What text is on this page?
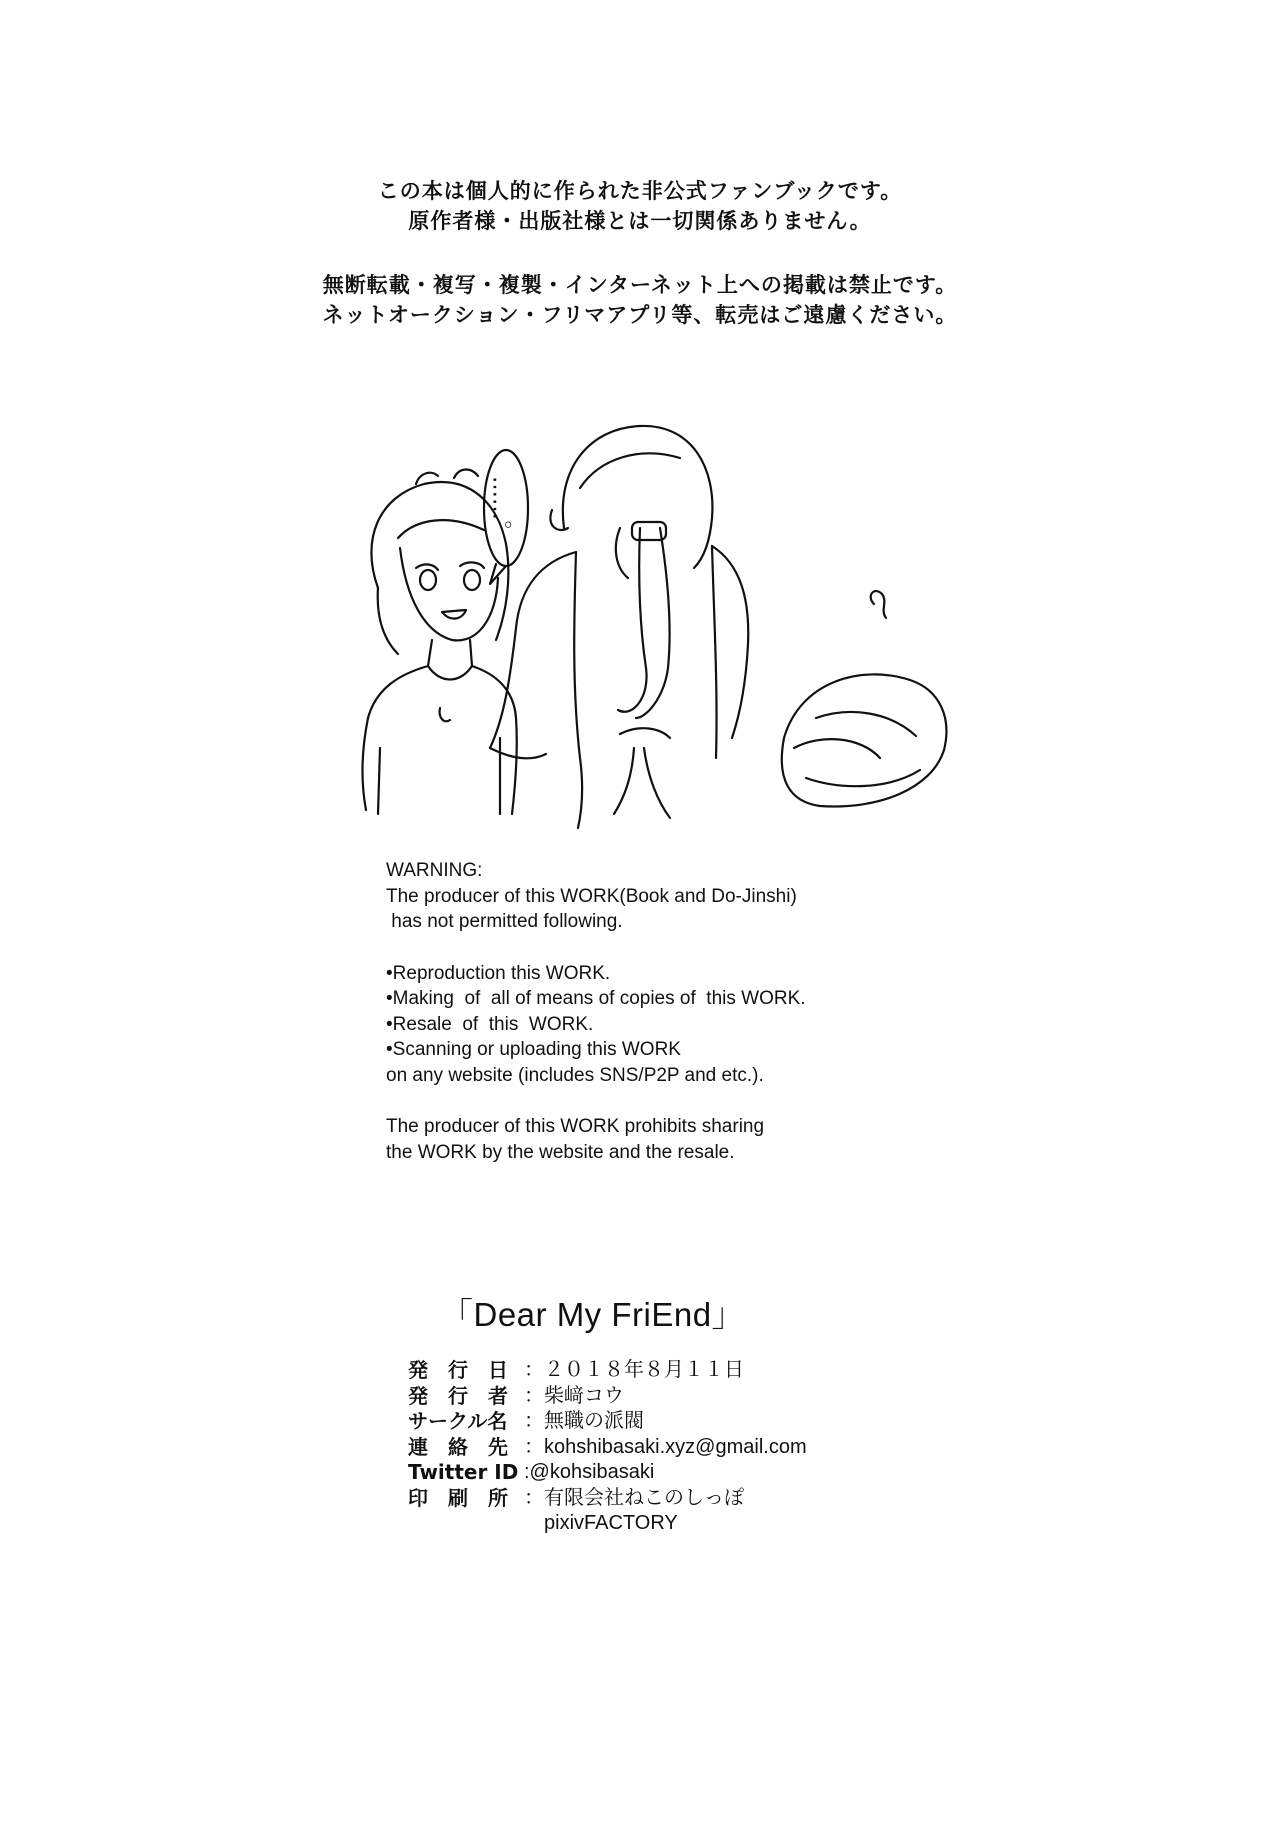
この本は個人的に作られた非公式ファンブックです。
原作者様・出版社様とは一切関係ありません。
無断転載・複写・複製・インターネット上への掲載は禁止です。
ネットオークション・フリマアプリ等、転売はご遠慮ください。
……。
WARNING:
The producer of this WORK(Book and Do-Jinshi)
has not permitted following.
•Reproduction this WORK.
•Making  of  all of means of copies of  this WORK.
•Resale  of  this  WORK.
•Scanning or uploading this WORK
on any website (includes SNS/P2P and etc.).
The producer of this WORK prohibits sharing
the WORK by the website and the resale.
「Dear My FriEnd」
発　行　日 ：２０１８年８月１１日
発　行　者 ：柴﨑コウ
サークル名 ：無職の派閥
連　絡　先 ：kohshibasaki.xyz@gmail.com
Twitter ID :@kohsibasaki
印　刷　所 ：有限会社ねこのしっぽ
pixivFACTORY
